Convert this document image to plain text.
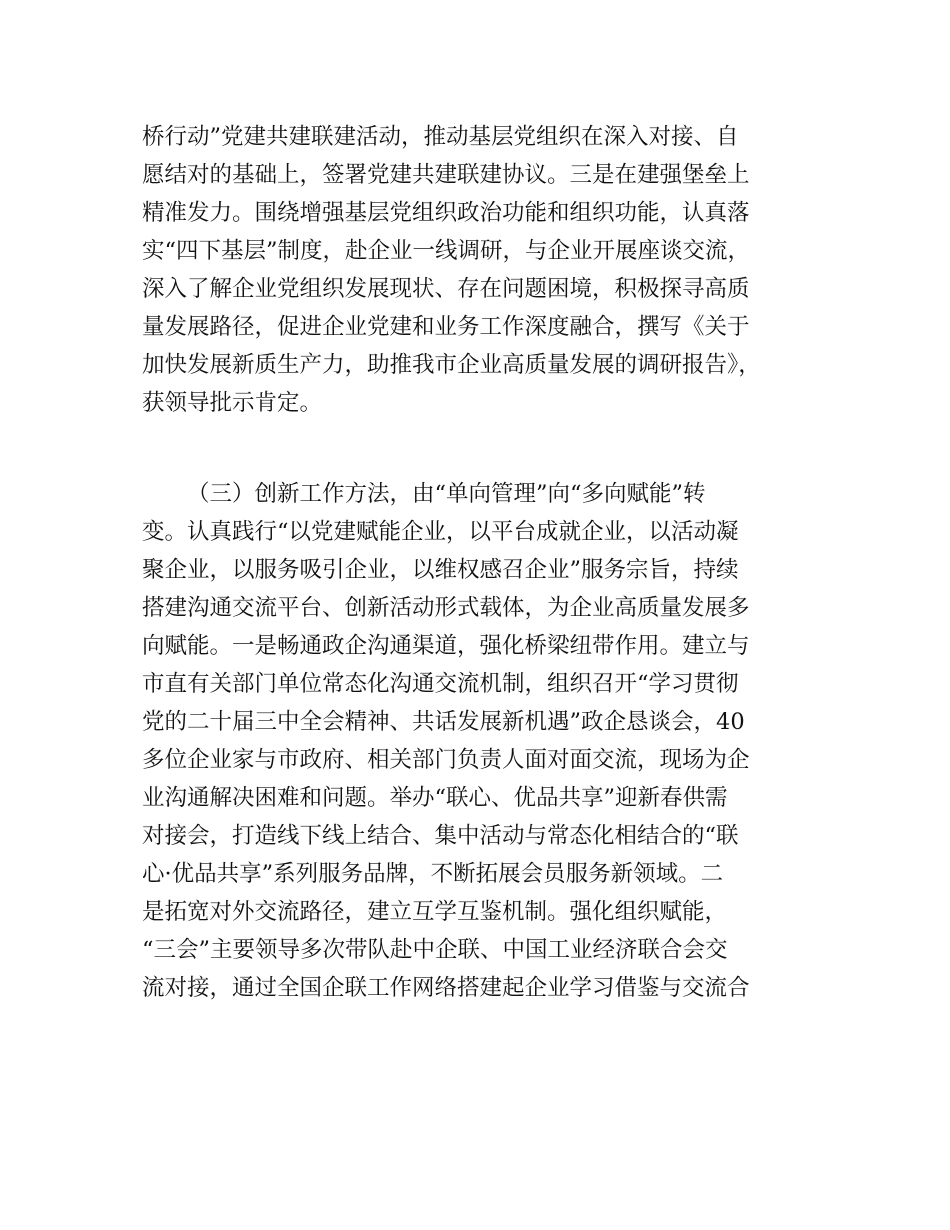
桥行动”党建共建联建活动，推动基层党组织在深入对接、自
愿结对的基础上，签署党建共建联建协议。三是在建强堡垒上
精准发力。围绕增强基层党组织政治功能和组织功能，认真落
实“四下基层”制度，赴企业一线调研，与企业开展座谈交流，
深入了解企业党组织发展现状、存在问题困境，积极探寻高质
量发展路径，促进企业党建和业务工作深度融合，撰写《关于
加快发展新质生产力，助推我市企业高质量发展的调研报告》，
获领导批示肯定。
（三）创新工作方法，由“单向管理”向“多向赋能”转
变。认真践行“以党建赋能企业，以平台成就企业，以活动凝
聚企业，以服务吸引企业，以维权感召企业”服务宗旨，持续
搭建沟通交流平台、创新活动形式载体，为企业高质量发展多
向赋能。一是畅通政企沟通渠道，强化桥梁纽带作用。建立与
市直有关部门单位常态化沟通交流机制，组织召开“学习贯彻
党的二十届三中全会精神、共话发展新机遇”政企恳谈会，40
多位企业家与市政府、相关部门负责人面对面交流，现场为企
业沟通解决困难和问题。举办“联心、优品共享”迎新春供需
对接会，打造线下线上结合、集中活动与常态化相结合的“联
心·优品共享”系列服务品牌，不断拓展会员服务新领域。二
是拓宽对外交流路径，建立互学互鉴机制。强化组织赋能，
“三会”主要领导多次带队赴中企联、中国工业经济联合会交
流对接，通过全国企联工作网络搭建起企业学习借鉴与交流合
